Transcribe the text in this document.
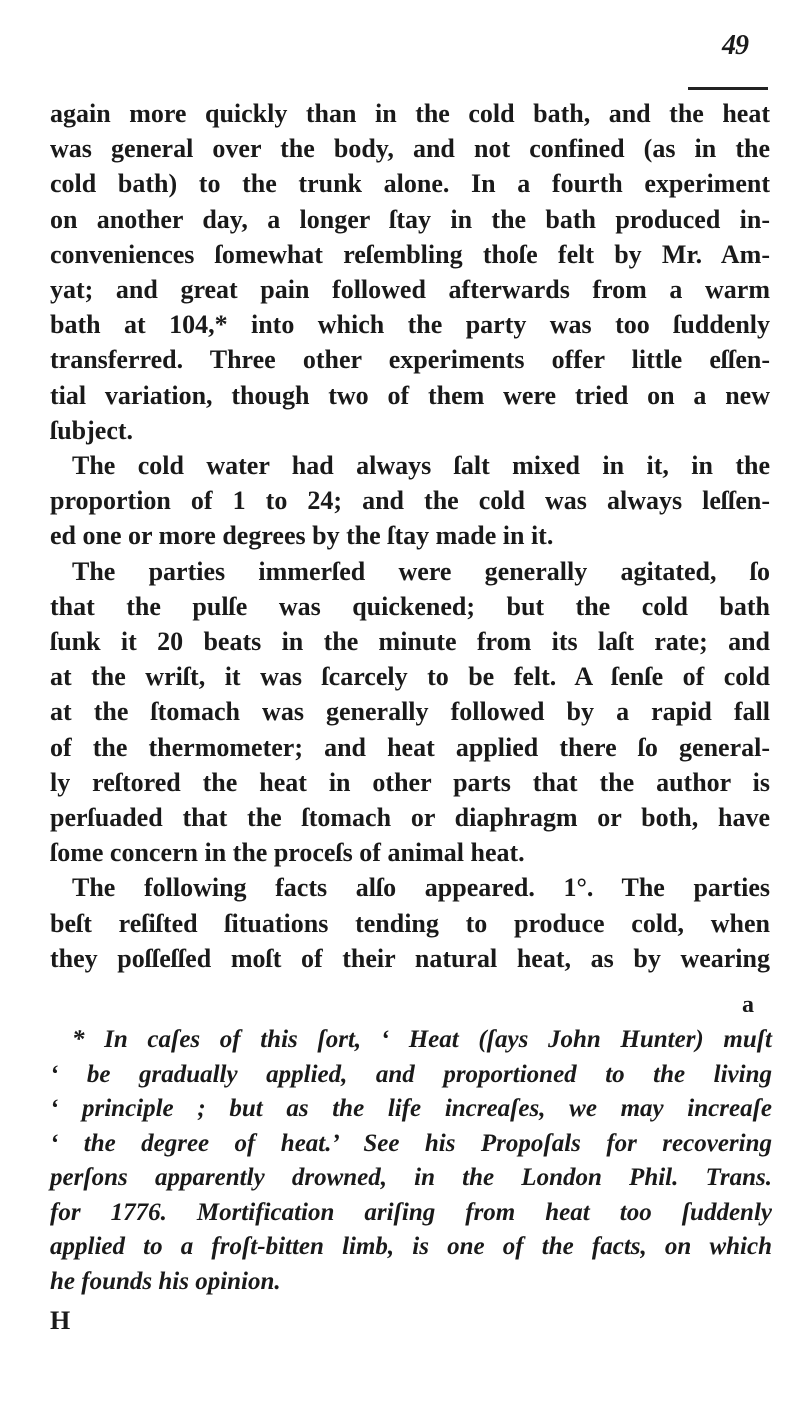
49
again more quickly than in the cold bath, and the heat
was general over the body, and not confined (as in the
cold bath) to the trunk alone. In a fourth experiment
on another day, a longer ſtay in the bath produced in-
conveniences ſomewhat reſembling thoſe felt by Mr. Am-
yat; and great pain followed afterwards from a warm
bath at 104,* into which the party was too ſuddenly
transferred. Three other experiments offer little eſſen-
tial variation, though two of them were tried on a new
ſubject.
The cold water had always ſalt mixed in it, in the
proportion of 1 to 24; and the cold was always leſſen-
ed one or more degrees by the ſtay made in it.
The parties immerſed were generally agitated, ſo
that the pulſe was quickened; but the cold bath
ſunk it 20 beats in the minute from its laſt rate; and
at the wriſt, it was ſcarcely to be felt. A ſenſe of cold
at the ſtomach was generally followed by a rapid fall
of the thermometer; and heat applied there ſo general-
ly reſtored the heat in other parts that the author is
perſuaded that the ſtomach or diaphragm or both, have
ſome concern in the proceſs of animal heat.
The following facts alſo appeared. 1°. The parties
beſt reſiſted ſituations tending to produce cold, when
they poſſeſſed moſt of their natural heat, as by wearing
a
* In caſes of this ſort, ‘ Heat (ſays John Hunter) muſt
‘ be gradually applied, and proportioned to the living
‘ principle ; but as the life increaſes, we may increaſe
‘ the degree of heat.’ See his Propoſals for recovering
perſons apparently drowned, in the London Phil. Trans.
for 1776. Mortification ariſing from heat too ſuddenly
applied to a froſt-bitten limb, is one of the facts, on which
he founds his opinion.
H
